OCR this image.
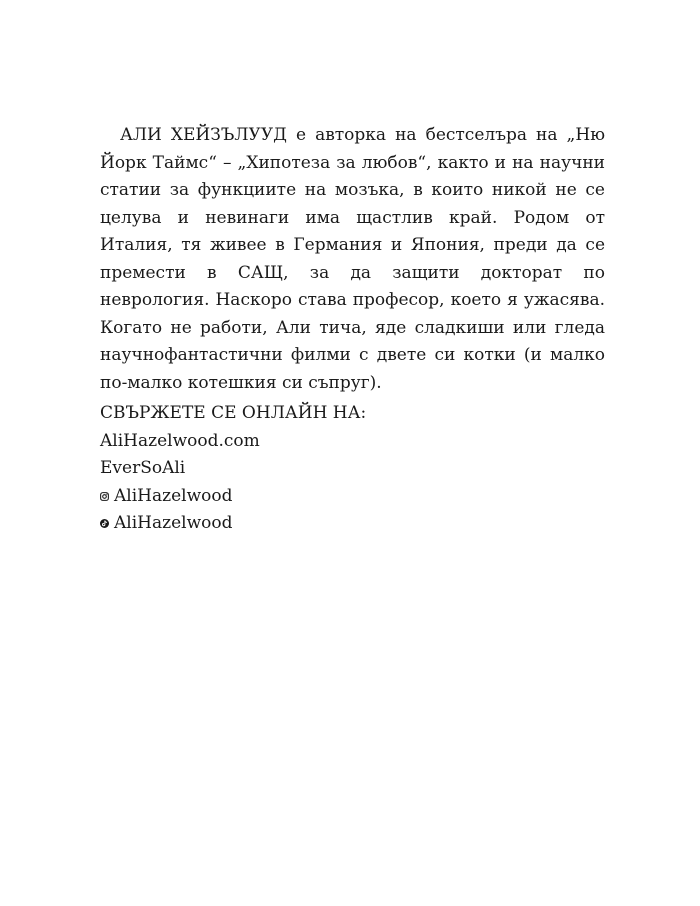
АЛИ ХЕЙЗЪЛУУД е авторка на бестселъра на „Ню Йорк Таймс“ – „Хипотеза за любов“, както и на научни статии за функциите на мозъка, в които никой не се целува и невинаги има щастлив край. Родом от Италия, тя живее в Германия и Япония, преди да се премести в САЩ, за да защити докторат по неврология. Наскоро става професор, което я ужасява. Когато не работи, Али тича, яде сладкиши или гледа научнофантастични филми с двете си котки (и малко по-малко котешкия си съпруг).

СВЪРЖЕТЕ СЕ ОНЛАЙН НА:
AliHazelwood.com
EverSoAli
AliHazelwood
AliHazelwood
